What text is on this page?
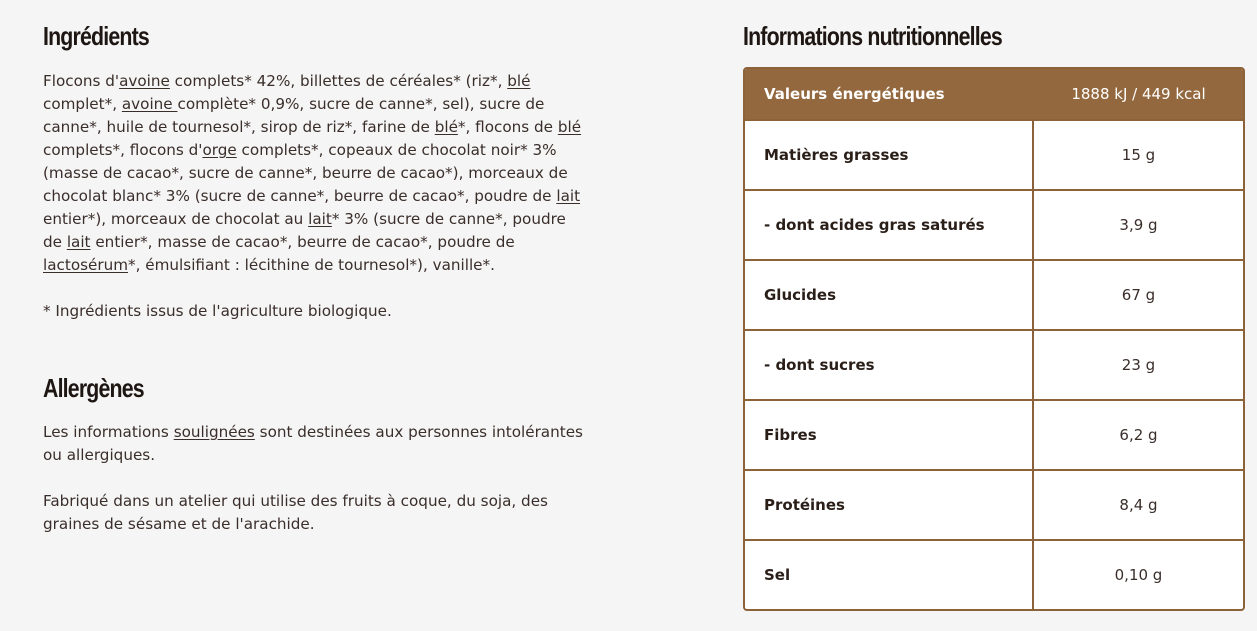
Ingrédients

Flocons d'avoine complets* 42%, billettes de céréales* (riz*, blé complet*, avoine complète* 0,9%, sucre de canne*, sel), sucre de canne*, huile de tournesol*, sirop de riz*, farine de blé*, flocons de blé complets*, flocons d'orge complets*, copeaux de chocolat noir* 3% (masse de cacao*, sucre de canne*, beurre de cacao*), morceaux de chocolat blanc* 3% (sucre de canne*, beurre de cacao*, poudre de lait entier*), morceaux de chocolat au lait* 3% (sucre de canne*, poudre de lait entier*, masse de cacao*, beurre de cacao*, poudre de lactosérum*, émulsifiant : lécithine de tournesol*), vanille*.

* Ingrédients issus de l'agriculture biologique.

Allergènes

Les informations soulignées sont destinées aux personnes intolérantes ou allergiques.

Fabriqué dans un atelier qui utilise des fruits à coque, du soja, des graines de sésame et de l'arachide.

Informations nutritionnelles
Valeurs énergétiques	1888 kJ / 449 kcal
Matières grasses	15 g
- dont acides gras saturés	3,9 g
Glucides	67 g
- dont sucres	23 g
Fibres	6,2 g
Protéines	8,4 g
Sel	0,10 g
